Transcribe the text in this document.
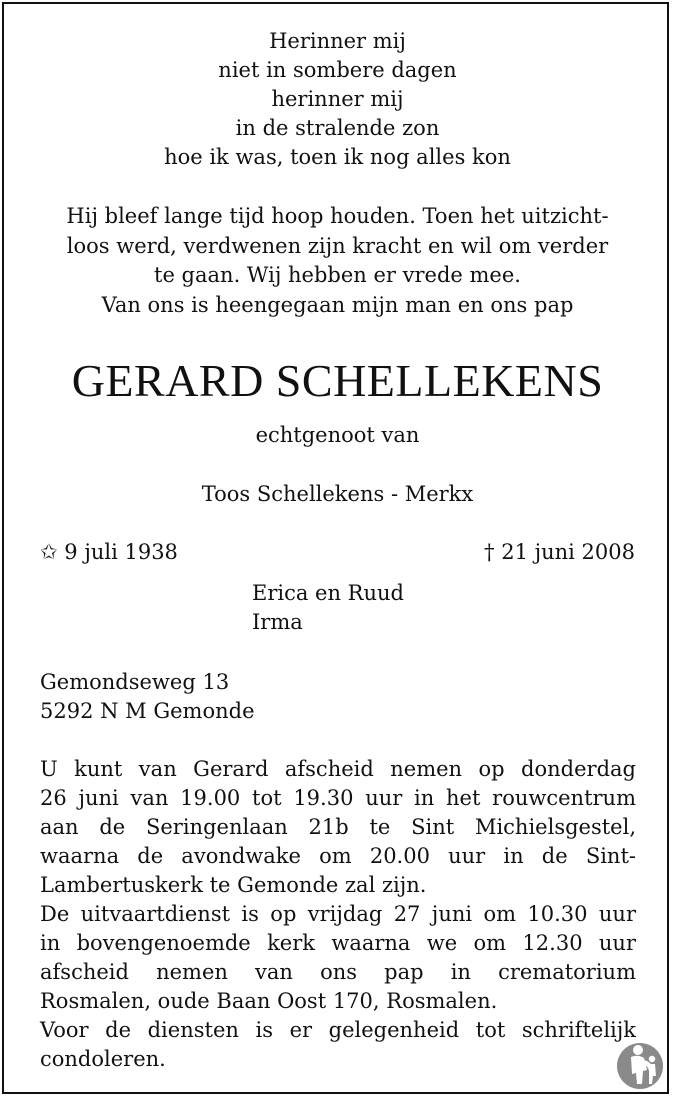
Herinner mij
niet in sombere dagen
herinner mij
in de stralende zon
hoe ik was, toen ik nog alles kon
Hij bleef lange tijd hoop houden. Toen het uitzicht-
loos werd, verdwenen zijn kracht en wil om verder
te gaan. Wij hebben er vrede mee.
Van ons is heengegaan mijn man en ons pap
GERARD SCHELLEKENS
echtgenoot van
Toos Schellekens - Merkx
✩ 9 juli 1938	† 21 juni 2008
Erica en Ruud
Irma
Gemondseweg 13
5292 N M Gemonde
U kunt van Gerard afscheid nemen op donderdag
26 juni van 19.00 tot 19.30 uur in het rouwcentrum
aan de Seringenlaan 21b te Sint Michielsgestel,
waarna de avondwake om 20.00 uur in de Sint-
Lambertuskerk te Gemonde zal zijn.
De uitvaartdienst is op vrijdag 27 juni om 10.30 uur
in bovengenoemde kerk waarna we om 12.30 uur
afscheid nemen van ons pap in crematorium
Rosmalen, oude Baan Oost 170, Rosmalen.
Voor de diensten is er gelegenheid tot schriftelijk
condoleren.
